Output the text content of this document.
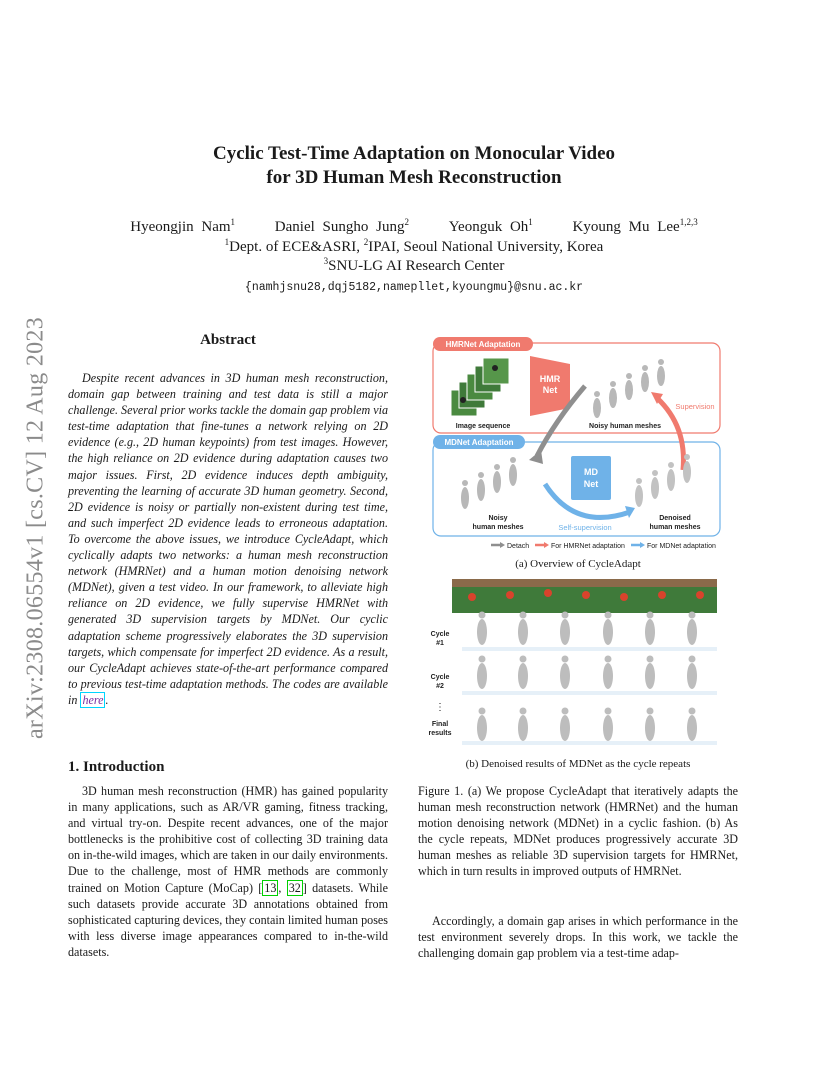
arXiv:2308.06554v1 [cs.CV] 12 Aug 2023
Cyclic Test-Time Adaptation on Monocular Video
for 3D Human Mesh Reconstruction
Hyeongjin Nam$^1$	Daniel Sungho Jung$^2$	Yeonguk Oh$^1$	Kyoung Mu Lee$^{1,2,3}$
$^1$Dept. of ECE&ASRI, $^2$IPAI, Seoul National University, Korea
$^3$SNU-LG AI Research Center
{namhjsnu28,dqj5182,namepllet,kyoungmu}@snu.ac.kr
Abstract
Despite recent advances in 3D human mesh reconstruction, domain gap between training and test data is still a major challenge. Several prior works tackle the domain gap problem via test-time adaptation that fine-tunes a network relying on 2D evidence (e.g., 2D human keypoints) from test images. However, the high reliance on 2D evidence during adaptation causes two major issues. First, 2D evidence induces depth ambiguity, preventing the learning of accurate 3D human geometry. Second, 2D evidence is noisy or partially non-existent during test time, and such imperfect 2D evidence leads to erroneous adaptation. To overcome the above issues, we introduce CycleAdapt, which cyclically adapts two networks: a human mesh reconstruction network (HMRNet) and a human motion denoising network (MDNet), given a test video. In our framework, to alleviate high reliance on 2D evidence, we fully supervise HMRNet with generated 3D supervision targets by MDNet. Our cyclic adaptation scheme progressively elaborates the 3D supervision targets, which compensate for imperfect 2D evidence. As a result, our CycleAdapt achieves state-of-the-art performance compared to previous test-time adaptation methods. The codes are available in here .
1. Introduction
3D human mesh reconstruction (HMR) has gained popularity in many applications, such as AR/VR gaming, fitness tracking, and virtual try-on. Despite recent advances, one of the major bottlenecks is the prohibitive cost of collecting 3D training data on in-the-wild images, which are taken in our daily environments. Due to the challenge, most of HMR methods are commonly trained on Motion Capture (MoCap) [ 13 , 32 ] datasets. While such datasets provide accurate 3D annotations obtained from sophisticated capturing devices, they contain limited human poses with less diverse image appearances compared to in-the-wild datasets.
HMRNet Adaptation
Image sequence
HMR
Net
Noisy human meshes
Supervision
MDNet Adaptation
Noisy
human meshes
MD
Net
Self-supervision
Denoised
human meshes
Detach	For HMRNet adaptation	For MDNet adaptation
(a) Overview of CycleAdapt
Cycle
#1
Cycle
#2
⋮
Final
results
(b) Denoised results of MDNet as the cycle repeats
Figure 1. (a) We propose CycleAdapt that iteratively adapts the human mesh reconstruction network (HMRNet) and the human motion denoising network (MDNet) in a cyclic fashion. (b) As the cycle repeats, MDNet produces progressively accurate 3D human meshes as reliable 3D supervision targets for HMRNet, which in turn results in improved outputs of HMRNet.
Accordingly, a domain gap arises in which performance in the test environment severely drops. In this work, we tackle the challenging domain gap problem via a test-time adap-
